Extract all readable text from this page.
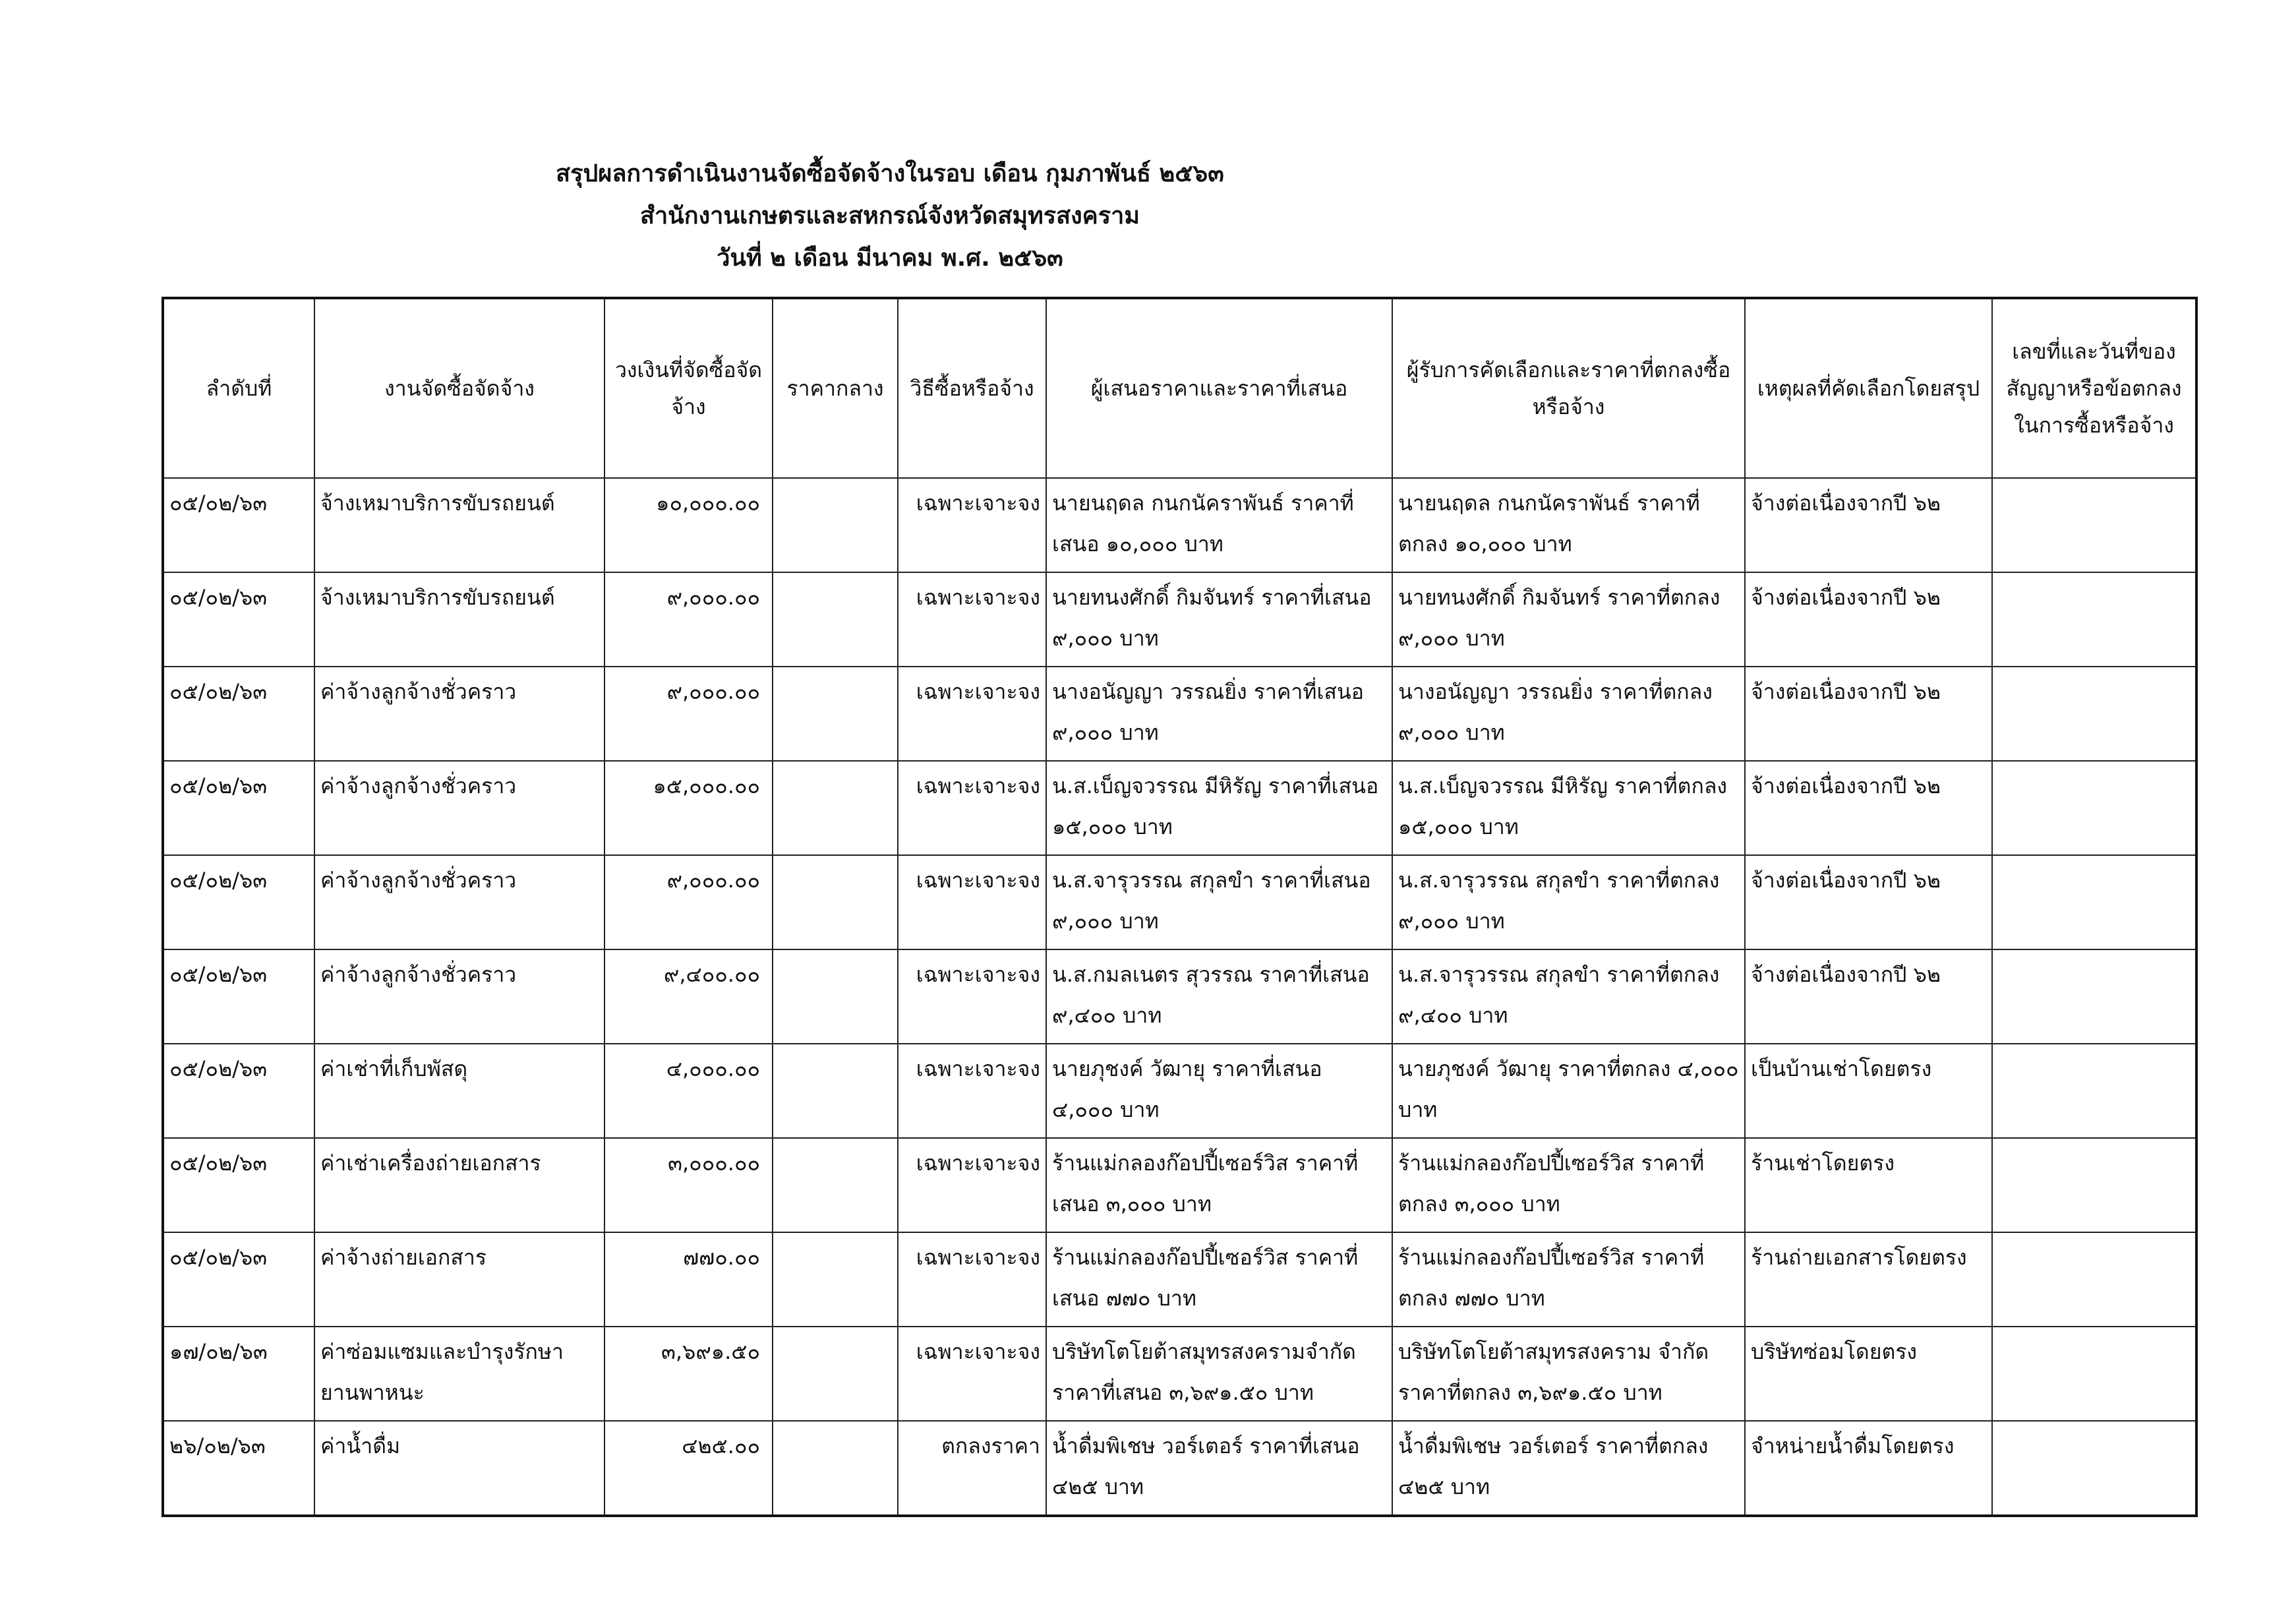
สรุปผลการดำเนินงานจัดซื้อจัดจ้างในรอบ เดือน กุมภาพันธ์ ๒๕๖๓
สำนักงานเกษตรและสหกรณ์จังหวัดสมุทรสงคราม
วันที่ ๒ เดือน มีนาคม พ.ศ. ๒๕๖๓
ลำดับที่	งานจัดซื้อจัดจ้าง	วงเงินที่จัดซื้อจัดจ้าง	ราคากลาง	วิธีซื้อหรือจ้าง	ผู้เสนอราคาและราคาที่เสนอ	ผู้รับการคัดเลือกและราคาที่ตกลงซื้อหรือจ้าง	เหตุผลที่คัดเลือกโดยสรุป	เลขที่และวันที่ของสัญญาหรือข้อตกลงในการซื้อหรือจ้าง
๐๕/๐๒/๖๓	จ้างเหมาบริการขับรถยนต์	๑๐,๐๐๐.๐๐		เฉพาะเจาะจง	นายนฤดล กนกนัคราพันธ์ ราคาที่เสนอ ๑๐,๐๐๐ บาท	นายนฤดล กนกนัคราพันธ์ ราคาที่ตกลง ๑๐,๐๐๐ บาท	จ้างต่อเนื่องจากปี ๖๒	
๐๕/๐๒/๖๓	จ้างเหมาบริการขับรถยนต์	๙,๐๐๐.๐๐		เฉพาะเจาะจง	นายทนงศักดิ์ กิมจันทร์ ราคาที่เสนอ ๙,๐๐๐ บาท	นายทนงศักดิ์ กิมจันทร์ ราคาที่ตกลง ๙,๐๐๐ บาท	จ้างต่อเนื่องจากปี ๖๒	
๐๕/๐๒/๖๓	ค่าจ้างลูกจ้างชั่วคราว	๙,๐๐๐.๐๐		เฉพาะเจาะจง	นางอนัญญา วรรณยิ่ง ราคาที่เสนอ ๙,๐๐๐ บาท	นางอนัญญา วรรณยิ่ง ราคาที่ตกลง ๙,๐๐๐ บาท	จ้างต่อเนื่องจากปี ๖๒	
๐๕/๐๒/๖๓	ค่าจ้างลูกจ้างชั่วคราว	๑๕,๐๐๐.๐๐		เฉพาะเจาะจง	น.ส.เบ็ญจวรรณ มีหิรัญ ราคาที่เสนอ ๑๕,๐๐๐ บาท	น.ส.เบ็ญจวรรณ มีหิรัญ ราคาที่ตกลง ๑๕,๐๐๐ บาท	จ้างต่อเนื่องจากปี ๖๒	
๐๕/๐๒/๖๓	ค่าจ้างลูกจ้างชั่วคราว	๙,๐๐๐.๐๐		เฉพาะเจาะจง	น.ส.จารุวรรณ สกุลขำ ราคาที่เสนอ ๙,๐๐๐ บาท	น.ส.จารุวรรณ สกุลขำ ราคาที่ตกลง ๙,๐๐๐ บาท	จ้างต่อเนื่องจากปี ๖๒	
๐๕/๐๒/๖๓	ค่าจ้างลูกจ้างชั่วคราว	๙,๔๐๐.๐๐		เฉพาะเจาะจง	น.ส.กมลเนตร สุวรรณ ราคาที่เสนอ ๙,๔๐๐ บาท	น.ส.จารุวรรณ สกุลขำ ราคาที่ตกลง ๙,๔๐๐ บาท	จ้างต่อเนื่องจากปี ๖๒	
๐๕/๐๒/๖๓	ค่าเช่าที่เก็บพัสดุ	๔,๐๐๐.๐๐		เฉพาะเจาะจง	นายภุชงค์ วัฒายุ ราคาที่เสนอ ๔,๐๐๐ บาท	นายภุชงค์ วัฒายุ ราคาที่ตกลง ๔,๐๐๐ บาท	เป็นบ้านเช่าโดยตรง	
๐๕/๐๒/๖๓	ค่าเช่าเครื่องถ่ายเอกสาร	๓,๐๐๐.๐๐		เฉพาะเจาะจง	ร้านแม่กลองก๊อปปี้เซอร์วิส ราคาที่เสนอ ๓,๐๐๐ บาท	ร้านแม่กลองก๊อปปี้เซอร์วิส ราคาที่ตกลง ๓,๐๐๐ บาท	ร้านเช่าโดยตรง	
๐๕/๐๒/๖๓	ค่าจ้างถ่ายเอกสาร	๗๗๐.๐๐		เฉพาะเจาะจง	ร้านแม่กลองก๊อปปี้เซอร์วิส ราคาที่เสนอ ๗๗๐ บาท	ร้านแม่กลองก๊อปปี้เซอร์วิส ราคาที่ตกลง ๗๗๐ บาท	ร้านถ่ายเอกสารโดยตรง	
๑๗/๐๒/๖๓	ค่าซ่อมแซมและบำรุงรักษายานพาหนะ	๓,๖๙๑.๕๐		เฉพาะเจาะจง	บริษัทโตโยต้าสมุทรสงครามจำกัด ราคาที่เสนอ ๓,๖๙๑.๕๐ บาท	บริษัทโตโยต้าสมุทรสงคราม จำกัด ราคาที่ตกลง ๓,๖๙๑.๕๐ บาท	บริษัทซ่อมโดยตรง	
๒๖/๐๒/๖๓	ค่าน้ำดื่ม	๔๒๕.๐๐		ตกลงราคา	น้ำดื่มพิเชษ วอร์เตอร์ ราคาที่เสนอ ๔๒๕ บาท	น้ำดื่มพิเชษ วอร์เตอร์ ราคาที่ตกลง ๔๒๕ บาท	จำหน่ายน้ำดื่มโดยตรง	
